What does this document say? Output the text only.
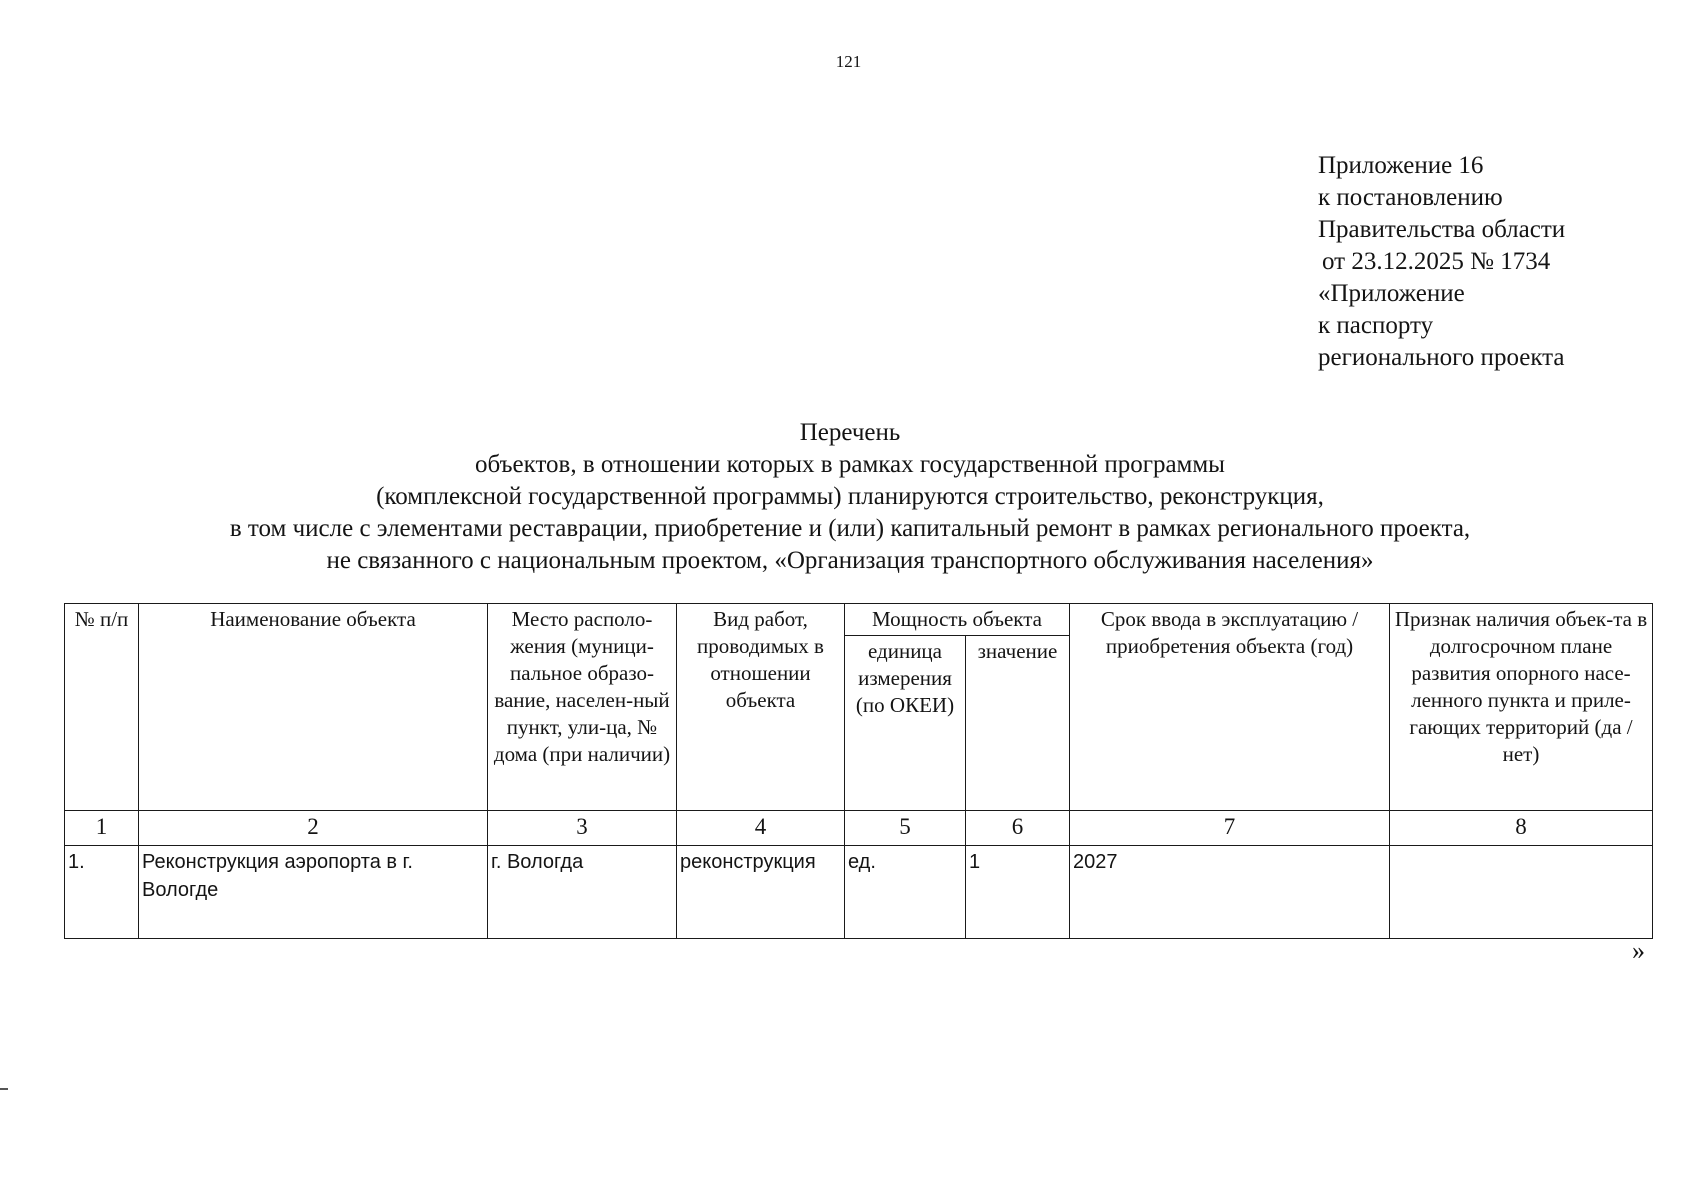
121
Приложение 16
к постановлению
Правительства области
от 23.12.2025 № 1734
«Приложение
к паспорту
регионального проекта
Перечень
объектов, в отношении которых в рамках государственной программы
(комплексной государственной программы) планируются строительство, реконструкция,
в том числе с элементами реставрации, приобретение и (или) капитальный ремонт в рамках регионального проекта,
не связанного с национальным проектом, «Организация транспортного обслуживания населения»
№ п/п	Наименование объекта	Место располо-жения (муници-пальное образо-вание, населен-ный пункт, ули-ца, № дома (при наличии)	Вид работ, проводимых в отношении объекта	Мощность объекта		Срок ввода в эксплуатацию / приобретения объекта (год)	Признак наличия объек-та в долгосрочном плане развития опорного насе-ленного пункта и приле-гающих территорий (да / нет)
				единица измерения (по ОКЕИ)	значение		
1	2	3	4	5	6	7	8
1.	Реконструкция аэропорта в г. Вологде	г. Вологда	реконструкция	ед.	1	2027	
»
